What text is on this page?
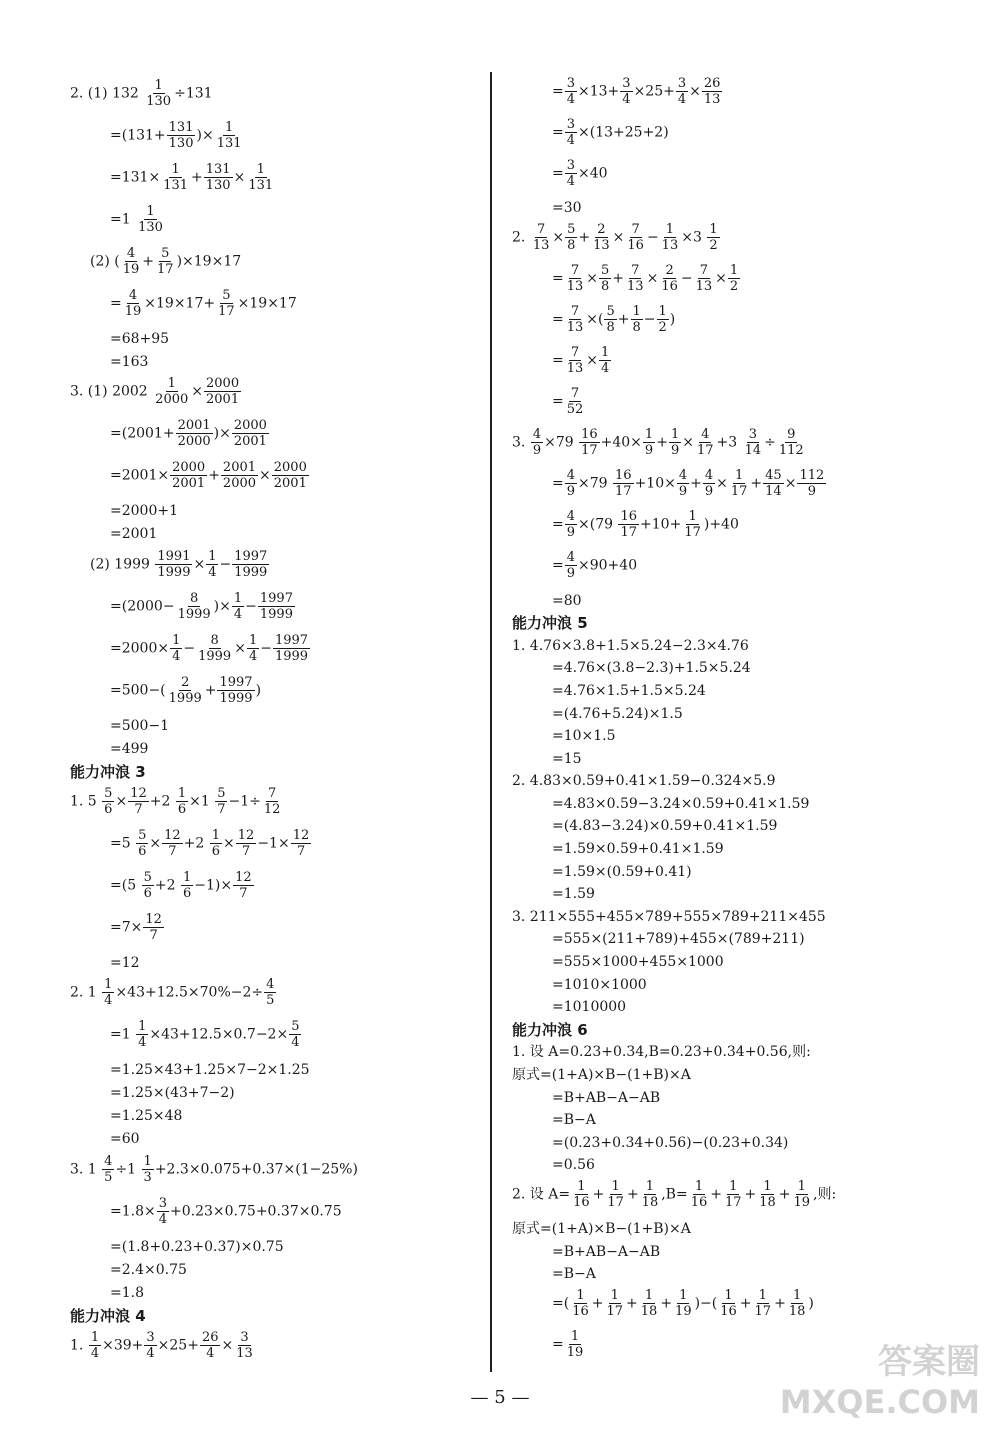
2. (1) $132 \frac{1}{130} \div 131$
$=(131+ \frac{131}{130}$ )× $\frac{1}{131}$
$=131\times \frac{1}{131} + \frac{131}{130} \times \frac{1}{131}$
$=1 \frac{1}{130}$
(2) ( $\frac{4}{19} + \frac{5}{17} )\times 19\times 17$
= $\frac{4}{19} \times 19\times 17+ \frac{5}{17} \times 19\times 17$
=68+95
=163
3. (1) $2002 \frac{1}{2000} \times \frac{2000}{2001}$
$=(2001+ \frac{2001}{2000}$ )× $\frac{2000}{2001}$
$=2001\times \frac{2000}{2001} + \frac{2001}{2000} \times \frac{2000}{2001}$
=2000+1
=2001
(2) $1999 \frac{1991}{1999} \times \frac{1}{4} - \frac{1997}{1999}$
$=(2000- \frac{8}{1999}$ )× $\frac{1}{4} - \frac{1997}{1999}$
$=2000\times \frac{1}{4} - \frac{8}{1999} \times \frac{1}{4} - \frac{1997}{1999}$
$=500-( \frac{2}{1999} + \frac{1997}{1999}$ )
=500−1
=499
能力冲浪 3
1. $5 \frac{5}{6} \times \frac{12}{7} +2 \frac{1}{6} \times 1 \frac{5}{7} -1\div \frac{7}{12}$
$=5 \frac{5}{6} \times \frac{12}{7} +2 \frac{1}{6} \times \frac{12}{7} -1\times \frac{12}{7}$
$=(5 \frac{5}{6} +2 \frac{1}{6} -1)\times \frac{12}{7}$
$=7\times \frac{12}{7}$
=12
2. $1 \frac{1}{4} \times 43+12.5\times 70\%-2\div \frac{4}{5}$
$=1 \frac{1}{4} \times 43+12.5\times 0.7-2\times \frac{5}{4}$
=1.25×43+1.25×7−2×1.25
=1.25×(43+7−2)
=1.25×48
=60
3. $1 \frac{4}{5} \div 1 \frac{1}{3} +2.3\times 0.075+0.37\times(1-25\%)$
$=1.8\times \frac{3}{4} +0.23\times 0.75+0.37\times 0.75$
=(1.8+0.23+0.37)×0.75
=2.4×0.75
=1.8
能力冲浪 4
1. $\frac{1}{4} \times 39+ \frac{3}{4} \times 25+ \frac{26}{4} \times \frac{3}{13}$
= $\frac{3}{4} \times 13+ \frac{3}{4} \times 25+ \frac{3}{4} \times \frac{26}{13}$
= $\frac{3}{4} \times(13+25+2)$
= $\frac{3}{4} \times 40$
=30
2. $\frac{7}{13} \times \frac{5}{8} + \frac{2}{13} \times \frac{7}{16} - \frac{1}{13} \times 3 \frac{1}{2}$
= $\frac{7}{13} \times \frac{5}{8} + \frac{7}{13} \times \frac{2}{16} - \frac{7}{13} \times \frac{1}{2}$
= $\frac{7}{13}$ ×( $\frac{5}{8} + \frac{1}{8} - \frac{1}{2}$ )
= $\frac{7}{13} \times \frac{1}{4}$
= $\frac{7}{52}$
3. $\frac{4}{9} \times 79 \frac{16}{17} +40\times \frac{1}{9} + \frac{1}{9} \times \frac{4}{17} +3 \frac{3}{14} \div \frac{9}{112}$
= $\frac{4}{9} \times 79 \frac{16}{17} +10\times \frac{4}{9} + \frac{4}{9} \times \frac{1}{17} + \frac{45}{14} \times \frac{112}{9}$
= $\frac{4}{9} \times(79 \frac{16}{17} +10+ \frac{1}{17} )+40$
= $\frac{4}{9} \times 90+40$
=80
能力冲浪 5
1. 4.76×3.8+1.5×5.24−2.3×4.76
=4.76×(3.8−2.3)+1.5×5.24
=4.76×1.5+1.5×5.24
=(4.76+5.24)×1.5
=10×1.5
=15
2. 4.83×0.59+0.41×1.59−0.324×5.9
=4.83×0.59−3.24×0.59+0.41×1.59
=(4.83−3.24)×0.59+0.41×1.59
=1.59×0.59+0.41×1.59
=1.59×(0.59+0.41)
=1.59
3. 211×555+455×789+555×789+211×455
=555×(211+789)+455×(789+211)
=555×1000+455×1000
=1010×1000
=1010000
能力冲浪 6
1. 设 A=0.23+0.34,B=0.23+0.34+0.56,则:
原式=(1+A)×B−(1+B)×A
=B+AB−A−AB
=B−A
=(0.23+0.34+0.56)−(0.23+0.34)
=0.56
2. 设 $A= \frac{1}{16} + \frac{1}{17} + \frac{1}{18} ,B= \frac{1}{16} + \frac{1}{17} + \frac{1}{18} + \frac{1}{19}$ ,则:
原式=(1+A)×B−(1+B)×A
=B+AB−A−AB
=B−A
=( $\frac{1}{16} + \frac{1}{17} + \frac{1}{18} + \frac{1}{19}$ )−( $\frac{1}{16} + \frac{1}{17} + \frac{1}{18}$ )
= $\frac{1}{19}$
— 5 —
答案圈
MXQE.COM
